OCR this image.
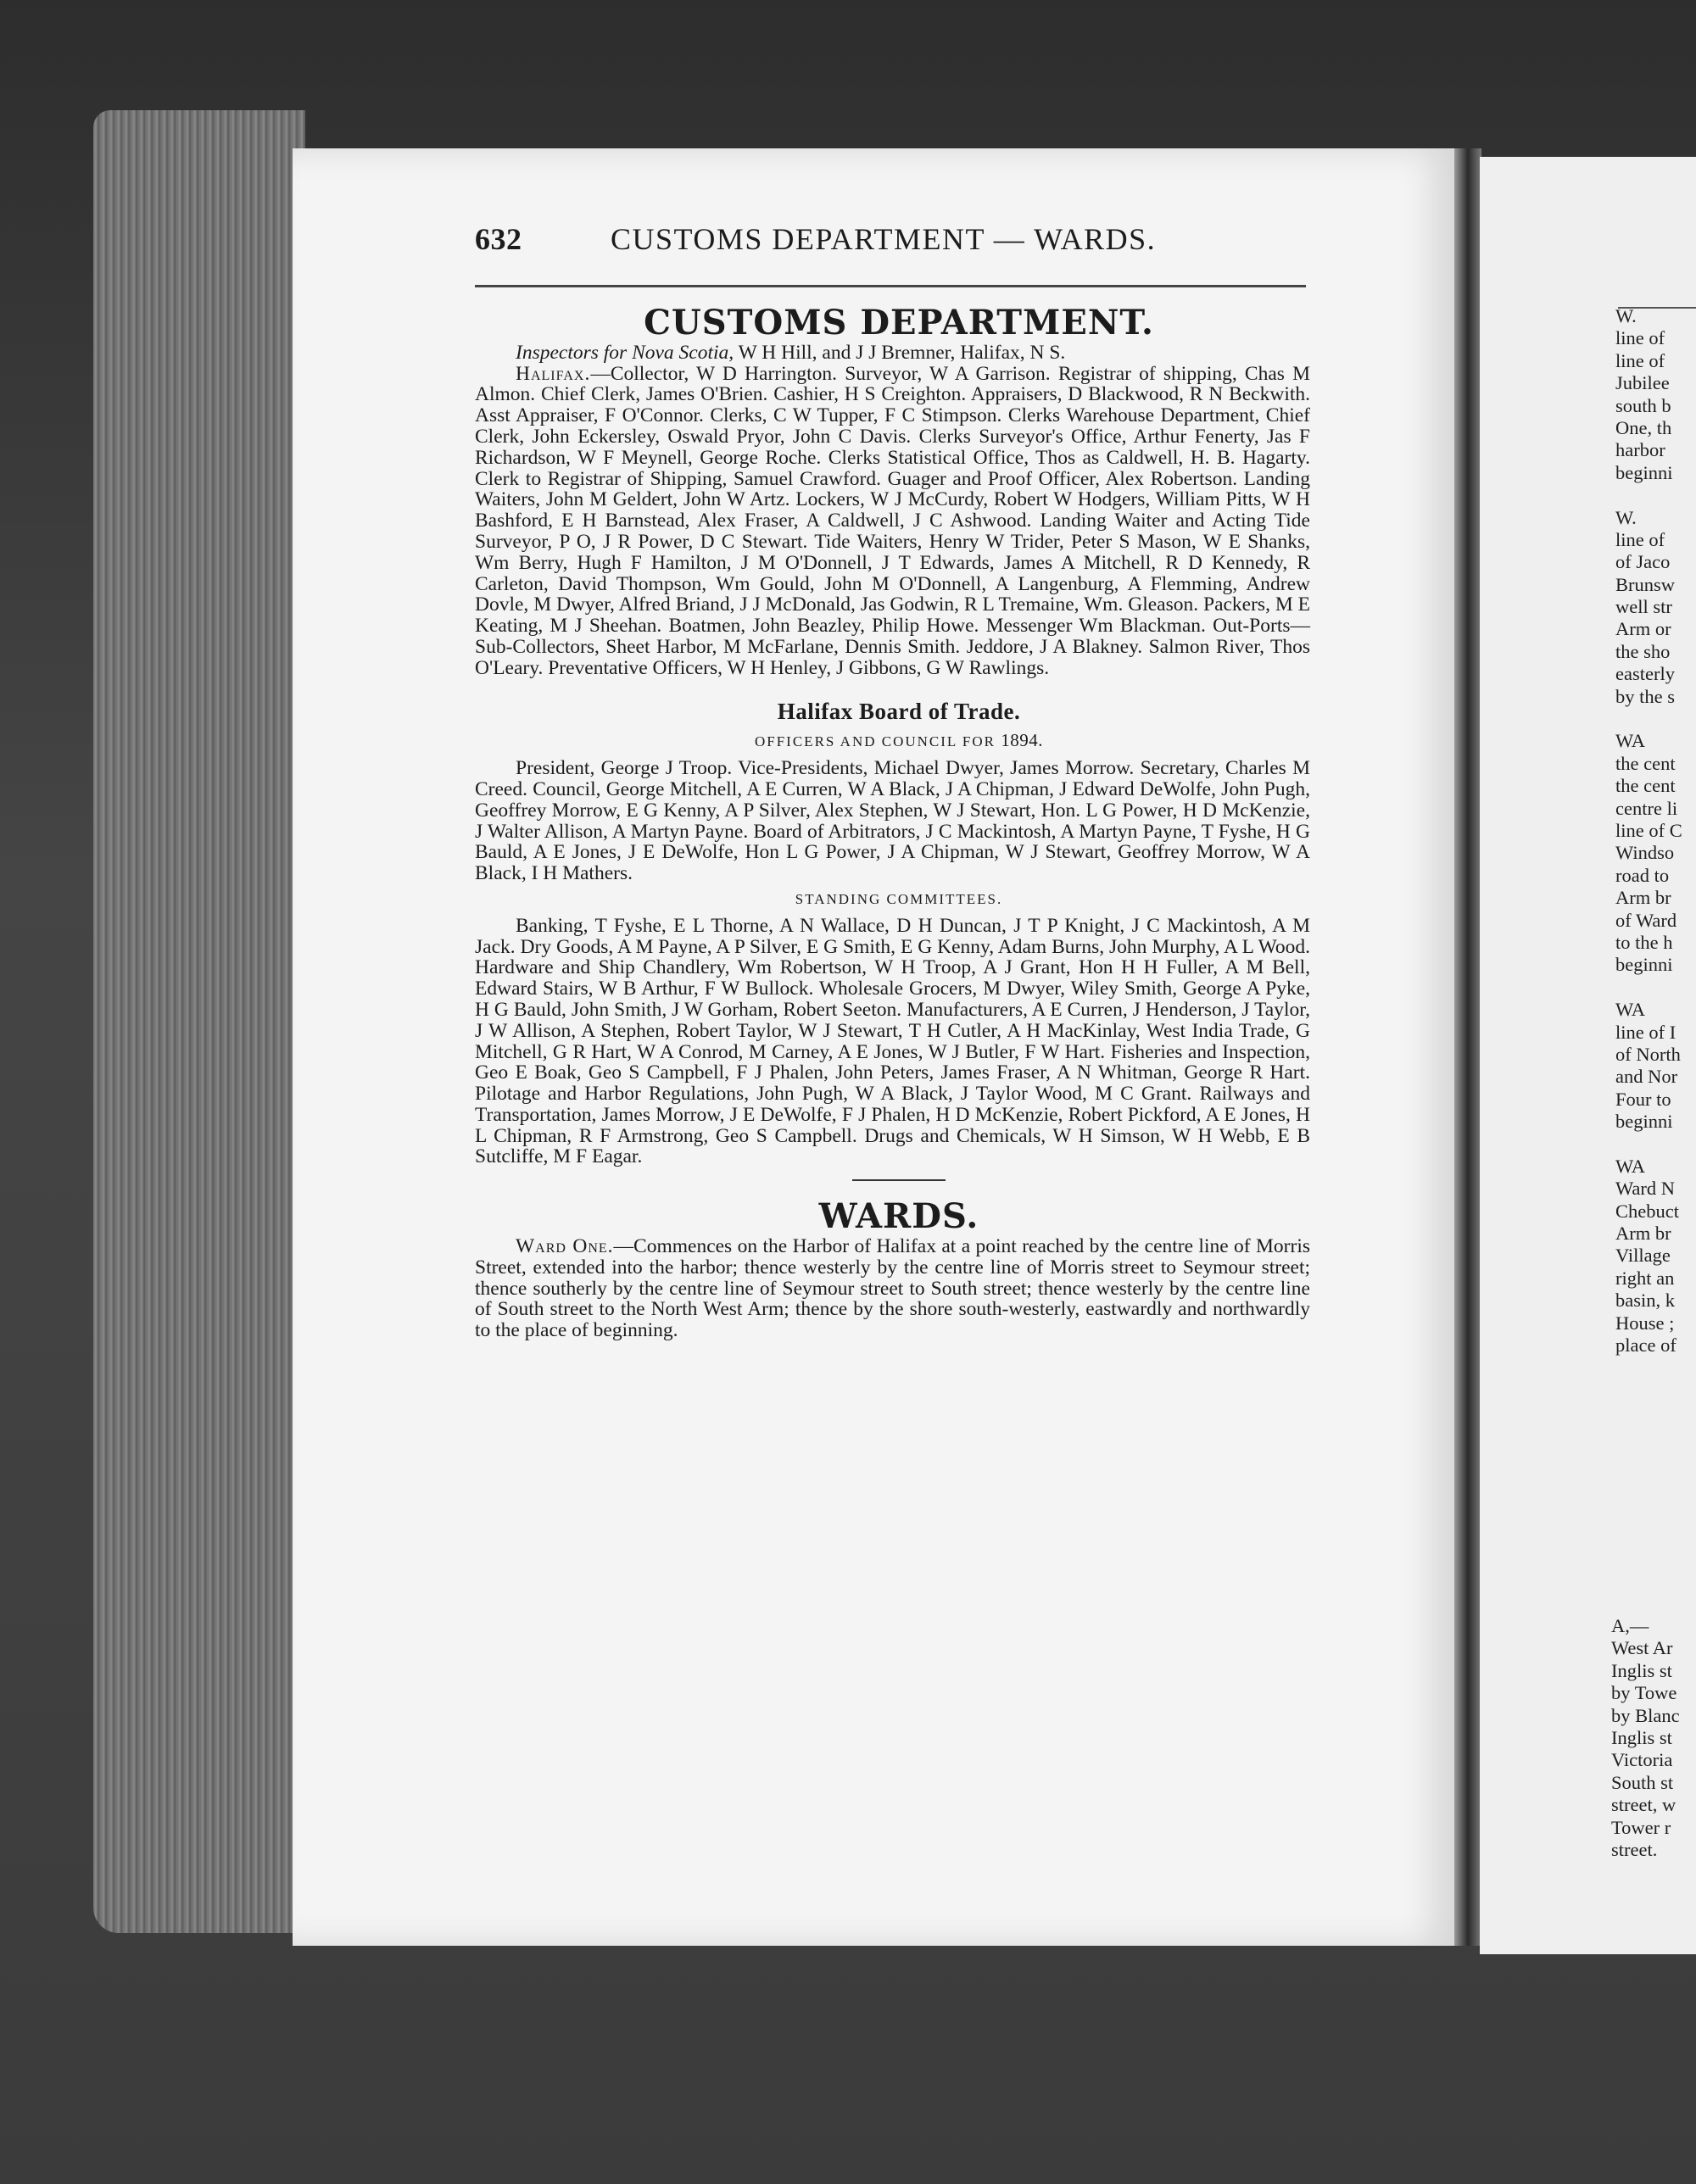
632	CUSTOMS DEPARTMENT — WARDS.
CUSTOMS DEPARTMENT.

Inspectors for Nova Scotia, W H Hill, and J J Bremner, Halifax, N S.

Halifax.—Collector, W D Harrington. Surveyor, W A Garrison. Registrar of shipping, Chas M Almon. Chief Clerk, James O'Brien. Cashier, H S Creighton. Appraisers, D Blackwood, R N Beckwith. Asst Appraiser, F O'Connor. Clerks, C W Tupper, F C Stimpson. Clerks Warehouse Department, Chief Clerk, John Eckersley, Oswald Pryor, John C Davis. Clerks Surveyor's Office, Arthur Fenerty, Jas F Richardson, W F Meynell, George Roche. Clerks Statistical Office, Thos as Caldwell, H. B. Hagarty. Clerk to Registrar of Shipping, Samuel Crawford. Guager and Proof Officer, Alex Robertson. Landing Waiters, John M Geldert, John W Artz. Lockers, W J McCurdy, Robert W Hodgers, William Pitts, W H Bashford, E H Barnstead, Alex Fraser, A Caldwell, J C Ashwood. Landing Waiter and Acting Tide Surveyor, P O, J R Power, D C Stewart. Tide Waiters, Henry W Trider, Peter S Mason, W E Shanks, Wm Berry, Hugh F Hamilton, J M O'Donnell, J T Edwards, James A Mitchell, R D Kennedy, R Carleton, David Thompson, Wm Gould, John M O'Donnell, A Langenburg, A Flemming, Andrew Dovle, M Dwyer, Alfred Briand, J J McDonald, Jas Godwin, R L Tremaine, Wm. Gleason. Packers, M E Keating, M J Sheehan. Boatmen, John Beazley, Philip Howe. Messenger Wm Blackman. Out-Ports—Sub-Collectors, Sheet Harbor, M McFarlane, Dennis Smith. Jeddore, J A Blakney. Salmon River, Thos O'Leary. Preventative Officers, W H Henley, J Gibbons, G W Rawlings.

Halifax Board of Trade.
OFFICERS AND COUNCIL FOR 1894.

President, George J Troop. Vice-Presidents, Michael Dwyer, James Morrow. Secretary, Charles M Creed. Council, George Mitchell, A E Curren, W A Black, J A Chipman, J Edward DeWolfe, John Pugh, Geoffrey Morrow, E G Kenny, A P Silver, Alex Stephen, W J Stewart, Hon. L G Power, H D McKenzie, J Walter Allison, A Martyn Payne. Board of Arbitrators, J C Mackintosh, A Martyn Payne, T Fyshe, H G Bauld, A E Jones, J E DeWolfe, Hon L G Power, J A Chipman, W J Stewart, Geoffrey Morrow, W A Black, I H Mathers.

STANDING COMMITTEES.

Banking, T Fyshe, E L Thorne, A N Wallace, D H Duncan, J T P Knight, J C Mackintosh, A M Jack. Dry Goods, A M Payne, A P Silver, E G Smith, E G Kenny, Adam Burns, John Murphy, A L Wood. Hardware and Ship Chandlery, Wm Robertson, W H Troop, A J Grant, Hon H H Fuller, A M Bell, Edward Stairs, W B Arthur, F W Bullock. Wholesale Grocers, M Dwyer, Wiley Smith, George A Pyke, H G Bauld, John Smith, J W Gorham, Robert Seeton. Manufacturers, A E Curren, J Henderson, J Taylor, J W Allison, A Stephen, Robert Taylor, W J Stewart, T H Cutler, A H MacKinlay, West India Trade, G Mitchell, G R Hart, W A Conrod, M Carney, A E Jones, W J Butler, F W Hart. Fisheries and Inspection, Geo E Boak, Geo S Campbell, F J Phalen, John Peters, James Fraser, A N Whitman, George R Hart. Pilotage and Harbor Regulations, John Pugh, W A Black, J Taylor Wood, M C Grant. Railways and Transportation, James Morrow, J E DeWolfe, F J Phalen, H D McKenzie, Robert Pickford, A E Jones, H L Chipman, R F Armstrong, Geo S Campbell. Drugs and Chemicals, W H Simson, W H Webb, E B Sutcliffe, M F Eagar.

WARDS.

Ward One.—Commences on the Harbor of Halifax at a point reached by the centre line of Morris Street, extended into the harbor; thence westerly by the centre line of Morris street to Seymour street; thence southerly by the centre line of Seymour street to South street; thence westerly by the centre line of South street to the North West Arm; thence by the shore south-westerly, eastwardly and northwardly to the place of beginning.

W.
line of
line of
Jubilee
south b
One, th
harbor
beginni
W.
line of
of Jaco
Brunsw
well str
Arm or
the sho
easterly
by the s
WA
the cent
the cent
centre li
line of C
Windso
road to
Arm br
of Ward
to the h
beginni
WA
line of I
of North
and Nor
Four to
beginni
WA
Ward N
Chebuct
Arm br
Village
right an
basin, k
House ;
place of
A,—
West Ar
Inglis st
by Towe
by Blanc
Inglis st
Victoria
South st
street, w
Tower r
street.
